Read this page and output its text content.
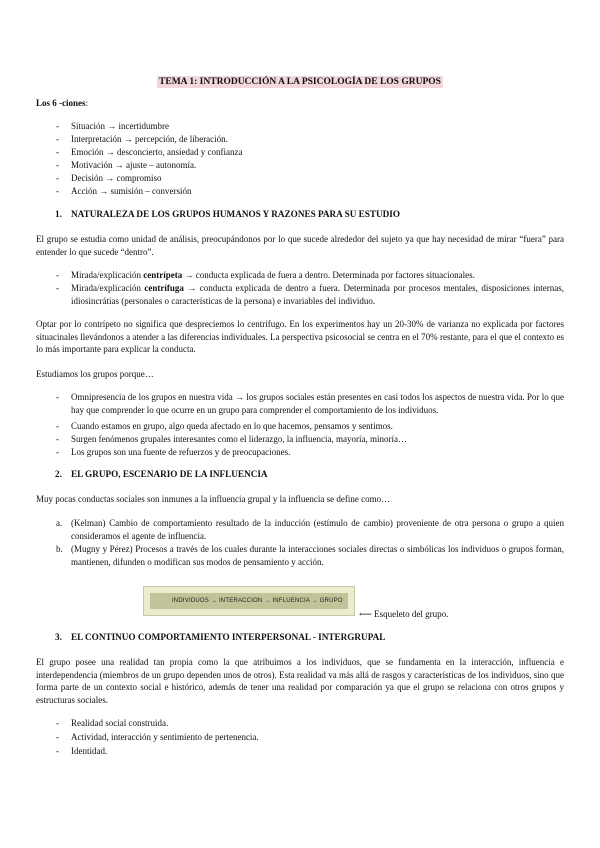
TEMA 1: INTRODUCCIÓN A LA PSICOLOGÍA DE LOS GRUPOS
Los 6 -ciones:
- Situación → incertidumbre
- Interpretación → percepción, de liberación.
- Emoción → desconcierto, ansiedad y confianza
- Motivación → ajuste – autonomía.
- Decisión → compromiso
- Acción → sumisión – conversión
1. NATURALEZA DE LOS GRUPOS HUMANOS Y RAZONES PARA SU ESTUDIO
El grupo se estudia como unidad de análisis, preocupándonos por lo que sucede alrededor del sujeto ya que hay necesidad de mirar “fuera” para entender lo que sucede “dentro”.
- Mirada/explicación centrípeta → conducta explicada de fuera a dentro. Determinada por factores situacionales.
- Mirada/explicación centrífuga → conducta explicada de dentro a fuera. Determinada por procesos mentales, disposiciones internas, idiosincrátias (personales o características de la persona) e invariables del individuo.
Optar por lo contrípeto no significa que despreciemos lo centrífugo. En los experimentos hay un 20-30% de varianza no explicada por factores situacinales llevándonos a atender a las diferencias individuales. La perspectiva psicosocial se centra en el 70% restante, para el que el contexto es lo más importante para explicar la conducta.
Estudiamos los grupos porque…
- Omnipresencia de los grupos en nuestra vida → los grupos sociales están presentes en casi todos los aspectos de nuestra vida. Por lo que hay que comprender lo que ocurre en un grupo para comprender el comportamiento de los individuos.
- Cuando estamos en grupo, algo queda afectado en lo que hacemos, pensamos y sentimos.
- Surgen fenómenos grupales interesantes como el liderazgo, la influencia, mayoría, minoría…
- Los grupos son una fuente de refuerzos y de preocupaciones.
2. EL GRUPO, ESCENARIO DE LA INFLUENCIA
Muy pocas conductas sociales son inmunes a la influencia grupal y la influencia se define como…
a. (Kelman) Cambio de comportamiento resultado de la inducción (estímulo de cambio) proveniente de otra persona o grupo a quien consideramos el agente de influencia.
b. (Mugny y Pérez) Procesos a través de los cuales durante la interacciones sociales directas o simbólicas los individuos o grupos forman, mantienen, difunden o modifican sus modos de pensamiento y acción.
INDIVIDUOS → INTERACCION → INFLUENCIA → GRUPO
⟵ Esqueleto del grupo.
3. EL CONTINUO COMPORTAMIENTO INTERPERSONAL - INTERGRUPAL
El grupo posee una realidad tan propia como la que atribuimos a los individuos, que se fundamenta en la interacción, influencia e interdependencia (miembros de un grupo dependen unos de otros). Esta realidad va más allá de rasgos y características de los individuos, sino que forma parte de un contexto social e histórico, además de tener una realidad por comparación ya que el grupo se relaciona con otros grupos y estructuras sociales.
- Realidad social construida.
- Actividad, interacción y sentimiento de pertenencia.
- Identidad.
